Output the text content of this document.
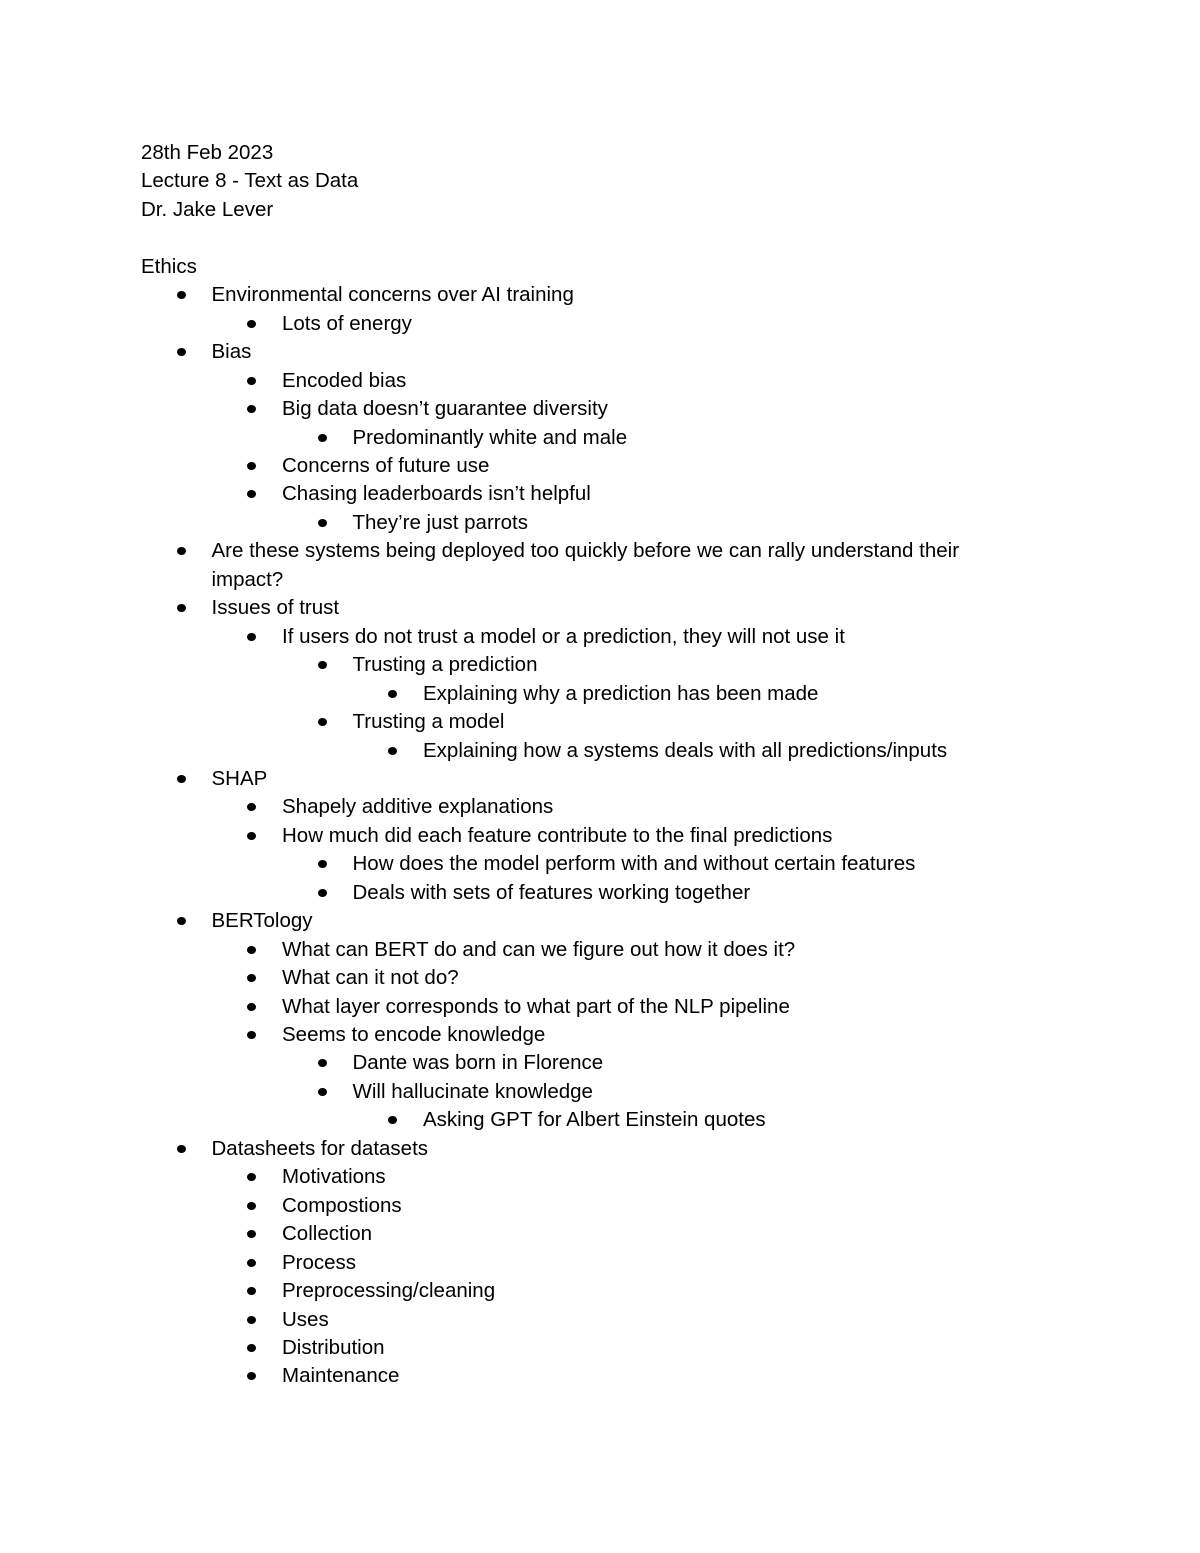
28th Feb 2023

Lecture 8 - Text as Data

Dr. Jake Lever

Ethics

Environmental concerns over AI training
Lots of energy
Bias
Encoded bias
Big data doesn’t guarantee diversity
Predominantly white and male
Concerns of future use
Chasing leaderboards isn’t helpful
They’re just parrots
Are these systems being deployed too quickly before we can rally understand their impact?
Issues of trust
If users do not trust a model or a prediction, they will not use it
Trusting a prediction
Explaining why a prediction has been made
Trusting a model
Explaining how a systems deals with all predictions/inputs
SHAP
Shapely additive explanations
How much did each feature contribute to the final predictions
How does the model perform with and without certain features
Deals with sets of features working together
BERTology
What can BERT do and can we figure out how it does it?
What can it not do?
What layer corresponds to what part of the NLP pipeline
Seems to encode knowledge
Dante was born in Florence
Will hallucinate knowledge
Asking GPT for Albert Einstein quotes
Datasheets for datasets
Motivations
Compostions
Collection
Process
Preprocessing/cleaning
Uses
Distribution
Maintenance
